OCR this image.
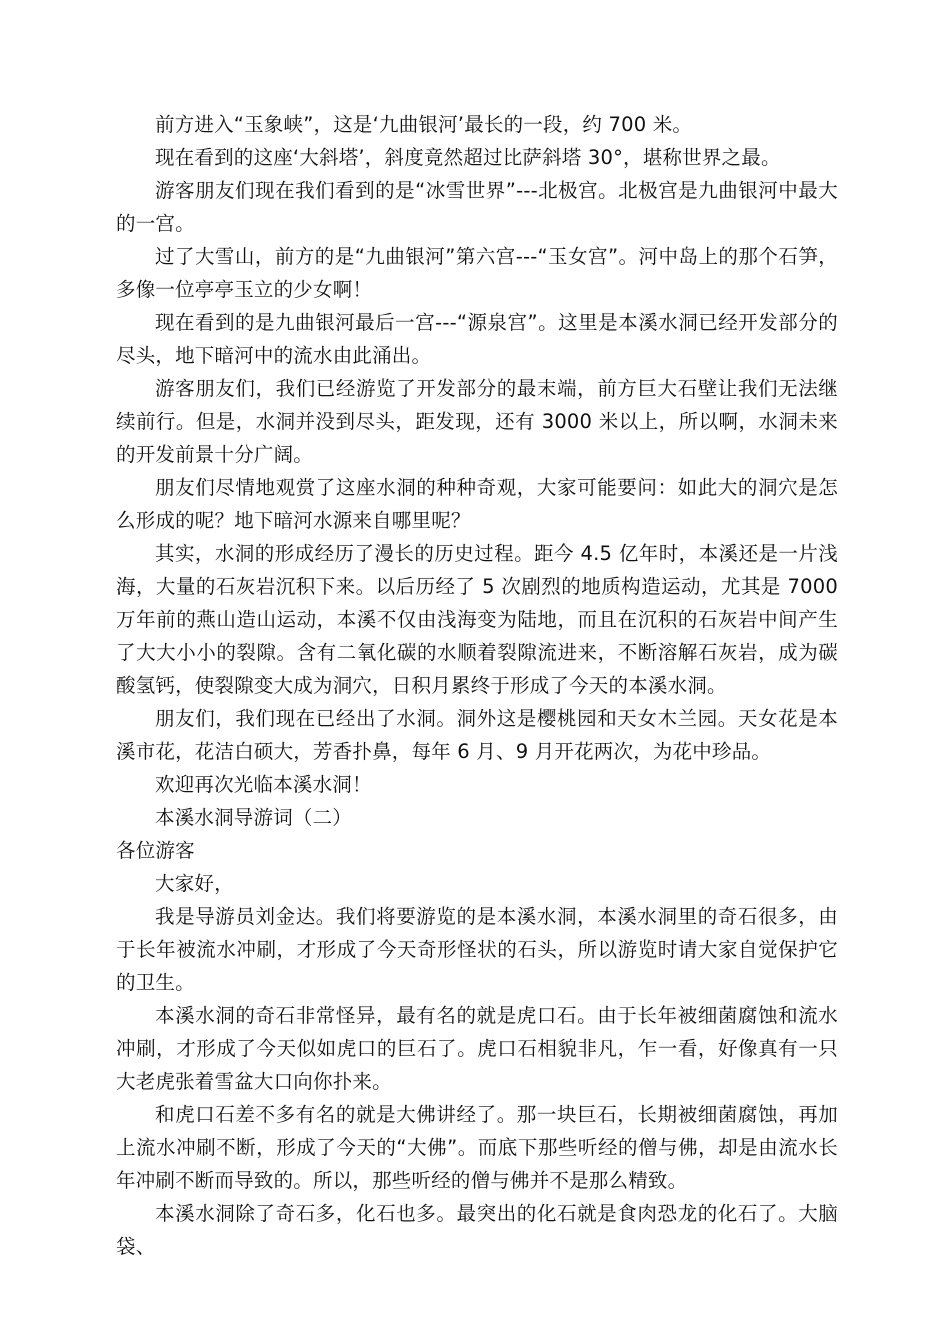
前方进入“玉象峡”，这是‘九曲银河’最长的一段，约 700 米。

现在看到的这座‘大斜塔’，斜度竟然超过比萨斜塔 30°，堪称世界之最。

游客朋友们现在我们看到的是“冰雪世界”---北极宫。北极宫是九曲银河中最大的一宫。

过了大雪山，前方的是“九曲银河”第六宫---“玉女宫”。河中岛上的那个石笋，多像一位亭亭玉立的少女啊！

现在看到的是九曲银河最后一宫---“源泉宫”。这里是本溪水洞已经开发部分的尽头，地下暗河中的流水由此涌出。

游客朋友们，我们已经游览了开发部分的最末端，前方巨大石壁让我们无法继续前行。但是，水洞并没到尽头，距发现，还有 3000 米以上，所以啊，水洞未来的开发前景十分广阔。

朋友们尽情地观赏了这座水洞的种种奇观，大家可能要问：如此大的洞穴是怎么形成的呢？地下暗河水源来自哪里呢？

其实，水洞的形成经历了漫长的历史过程。距今 4.5 亿年时，本溪还是一片浅海，大量的石灰岩沉积下来。以后历经了 5 次剧烈的地质构造运动，尤其是 7000 万年前的燕山造山运动，本溪不仅由浅海变为陆地，而且在沉积的石灰岩中间产生了大大小小的裂隙。含有二氧化碳的水顺着裂隙流进来，不断溶解石灰岩，成为碳酸氢钙，使裂隙变大成为洞穴，日积月累终于形成了今天的本溪水洞。

朋友们，我们现在已经出了水洞。洞外这是樱桃园和天女木兰园。天女花是本溪市花，花洁白硕大，芳香扑鼻，每年 6 月、9 月开花两次，为花中珍品。

欢迎再次光临本溪水洞！

本溪水洞导游词（二）

各位游客

大家好，

我是导游员刘金达。我们将要游览的是本溪水洞，本溪水洞里的奇石很多，由于长年被流水冲刷，才形成了今天奇形怪状的石头，所以游览时请大家自觉保护它的卫生。

本溪水洞的奇石非常怪异，最有名的就是虎口石。由于长年被细菌腐蚀和流水冲刷，才形成了今天似如虎口的巨石了。虎口石相貌非凡，乍一看，好像真有一只大老虎张着雪盆大口向你扑来。

和虎口石差不多有名的就是大佛讲经了。那一块巨石，长期被细菌腐蚀，再加上流水冲刷不断，形成了今天的“大佛”。而底下那些听经的僧与佛，却是由流水长年冲刷不断而导致的。所以，那些听经的僧与佛并不是那么精致。

本溪水洞除了奇石多，化石也多。最突出的化石就是食肉恐龙的化石了。大脑袋、
